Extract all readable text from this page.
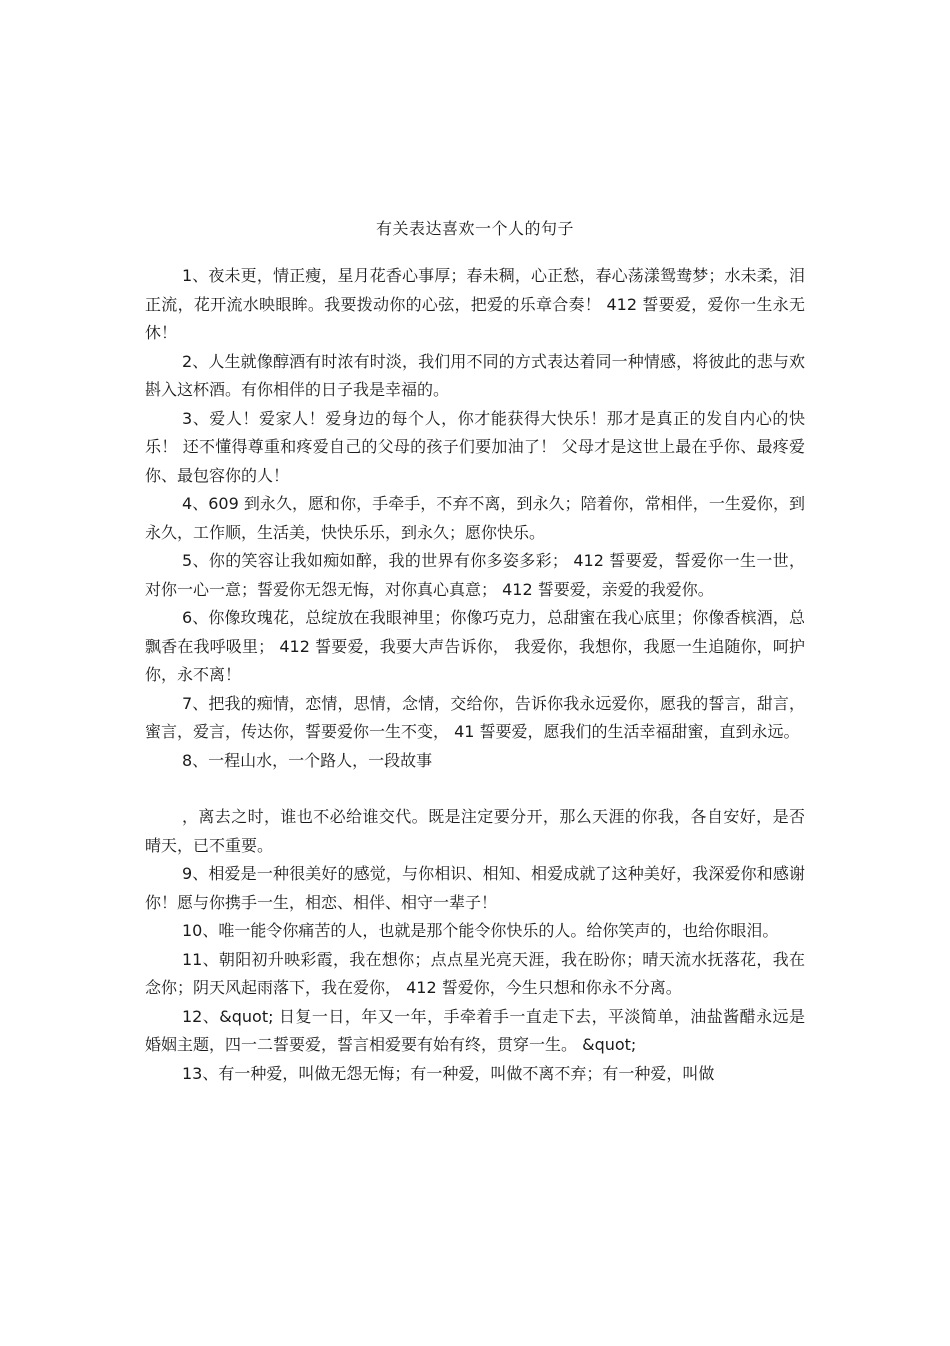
有关表达喜欢一个人的句子

1、夜未更，情正瘦，星月花香心事厚；春未稠，心正愁，春心荡漾鸳鸯梦；水未柔，泪正流，花开流水映眼眸。我要拨动你的心弦，把爱的乐章合奏！ 412 誓要爱，爱你一生永无休！

2、人生就像醇酒有时浓有时淡，我们用不同的方式表达着同一种情感，将彼此的悲与欢斟入这杯酒。有你相伴的日子我是幸福的。

3、爱人！爱家人！爱身边的每个人，你才能获得大快乐！那才是真正的发自内心的快乐！ 还不懂得尊重和疼爱自己的父母的孩子们要加油了！ 父母才是这世上最在乎你、最疼爱你、最包容你的人！

4、609 到永久，愿和你，手牵手，不弃不离，到永久；陪着你，常相伴，一生爱你，到永久，工作顺，生活美，快快乐乐，到永久；愿你快乐。

5、你的笑容让我如痴如醉，我的世界有你多姿多彩； 412 誓要爱，誓爱你一生一世，对你一心一意；誓爱你无怨无悔，对你真心真意； 412 誓要爱，亲爱的我爱你。

6、你像玫瑰花，总绽放在我眼神里；你像巧克力，总甜蜜在我心底里；你像香槟酒，总飘香在我呼吸里； 412 誓要爱，我要大声告诉你， 我爱你，我想你，我愿一生追随你，呵护你，永不离！

7、把我的痴情，恋情，思情，念情，交给你，告诉你我永远爱你，愿我的誓言，甜言，蜜言，爱言，传达你，誓要爱你一生不变， 41 誓要爱，愿我们的生活幸福甜蜜，直到永远。

8、一程山水，一个路人，一段故事

，离去之时，谁也不必给谁交代。既是注定要分开，那么天涯的你我，各自安好，是否晴天，已不重要。

9、相爱是一种很美好的感觉，与你相识、相知、相爱成就了这种美好，我深爱你和感谢你！愿与你携手一生，相恋、相伴、相守一辈子！

10、唯一能令你痛苦的人，也就是那个能令你快乐的人。给你笑声的，也给你眼泪。

11、朝阳初升映彩霞，我在想你；点点星光亮天涯，我在盼你；晴天流水抚落花，我在念你；阴天风起雨落下，我在爱你， 412 誓爱你，今生只想和你永不分离。

12、&quot; 日复一日，年又一年，手牵着手一直走下去，平淡简单，油盐酱醋永远是婚姻主题，四一二誓要爱，誓言相爱要有始有终，贯穿一生。 &quot;

13、有一种爱，叫做无怨无悔；有一种爱，叫做不离不弃；有一种爱，叫做
